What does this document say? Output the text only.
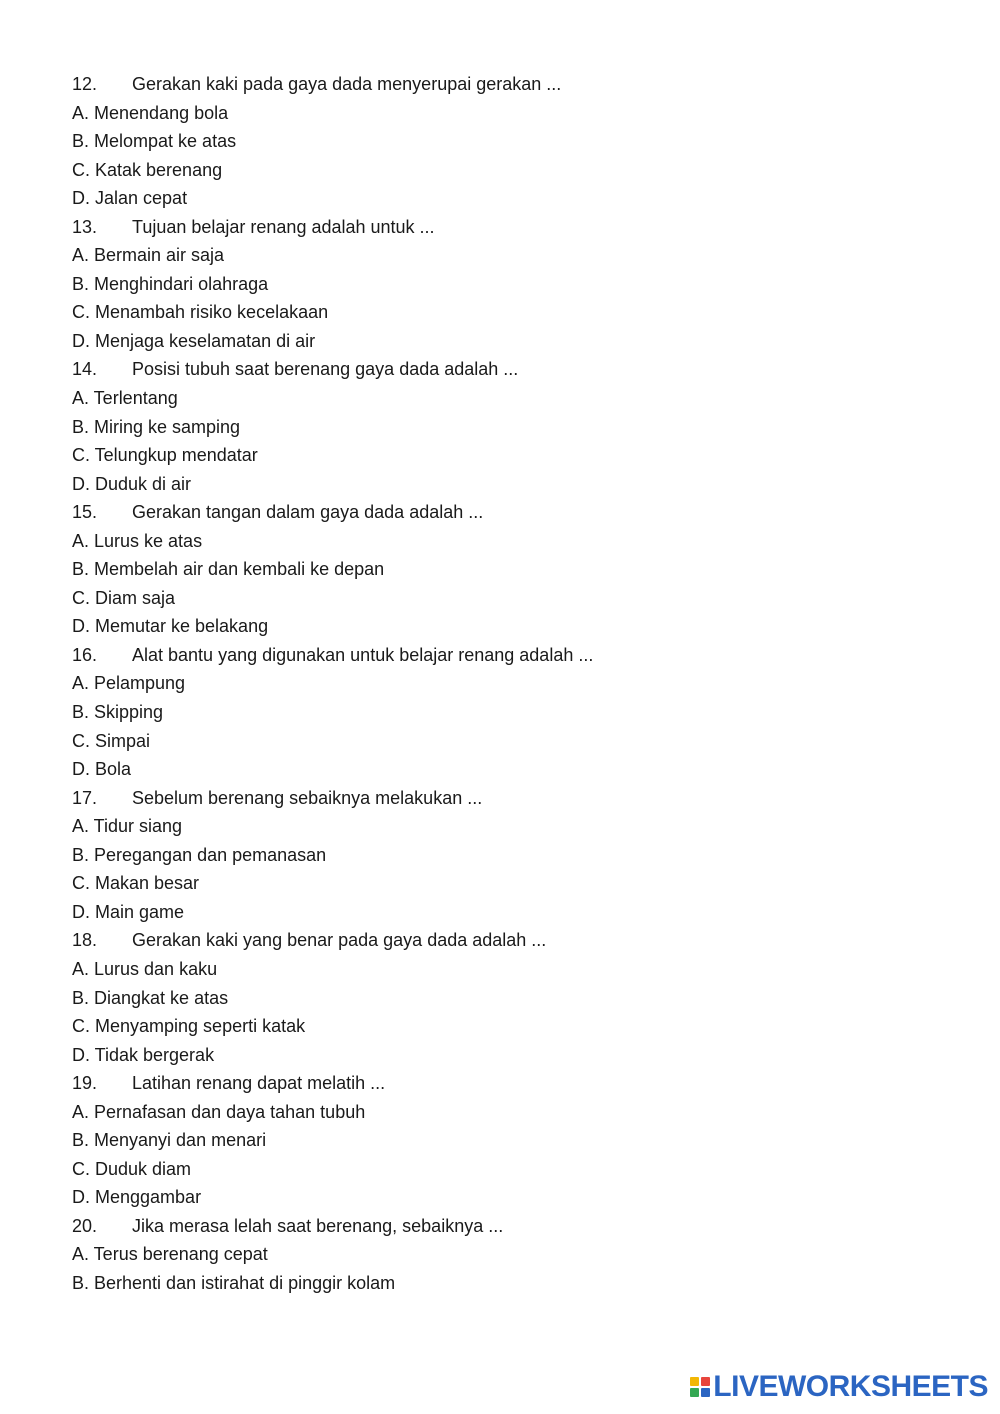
12. Gerakan kaki pada gaya dada menyerupai gerakan ...
A. Menendang bola
B. Melompat ke atas
C. Katak berenang
D. Jalan cepat
13. Tujuan belajar renang adalah untuk ...
A. Bermain air saja
B. Menghindari olahraga
C. Menambah risiko kecelakaan
D. Menjaga keselamatan di air
14. Posisi tubuh saat berenang gaya dada adalah ...
A. Terlentang
B. Miring ke samping
C. Telungkup mendatar
D. Duduk di air
15. Gerakan tangan dalam gaya dada adalah ...
A. Lurus ke atas
B. Membelah air dan kembali ke depan
C. Diam saja
D. Memutar ke belakang
16. Alat bantu yang digunakan untuk belajar renang adalah ...
A. Pelampung
B. Skipping
C. Simpai
D. Bola
17. Sebelum berenang sebaiknya melakukan ...
A. Tidur siang
B. Peregangan dan pemanasan
C. Makan besar
D. Main game
18. Gerakan kaki yang benar pada gaya dada adalah ...
A. Lurus dan kaku
B. Diangkat ke atas
C. Menyamping seperti katak
D. Tidak bergerak
19. Latihan renang dapat melatih ...
A. Pernafasan dan daya tahan tubuh
B. Menyanyi dan menari
C. Duduk diam
D. Menggambar
20. Jika merasa lelah saat berenang, sebaiknya ...
A. Terus berenang cepat
B. Berhenti dan istirahat di pinggir kolam
LIVEWORKSHEETS
